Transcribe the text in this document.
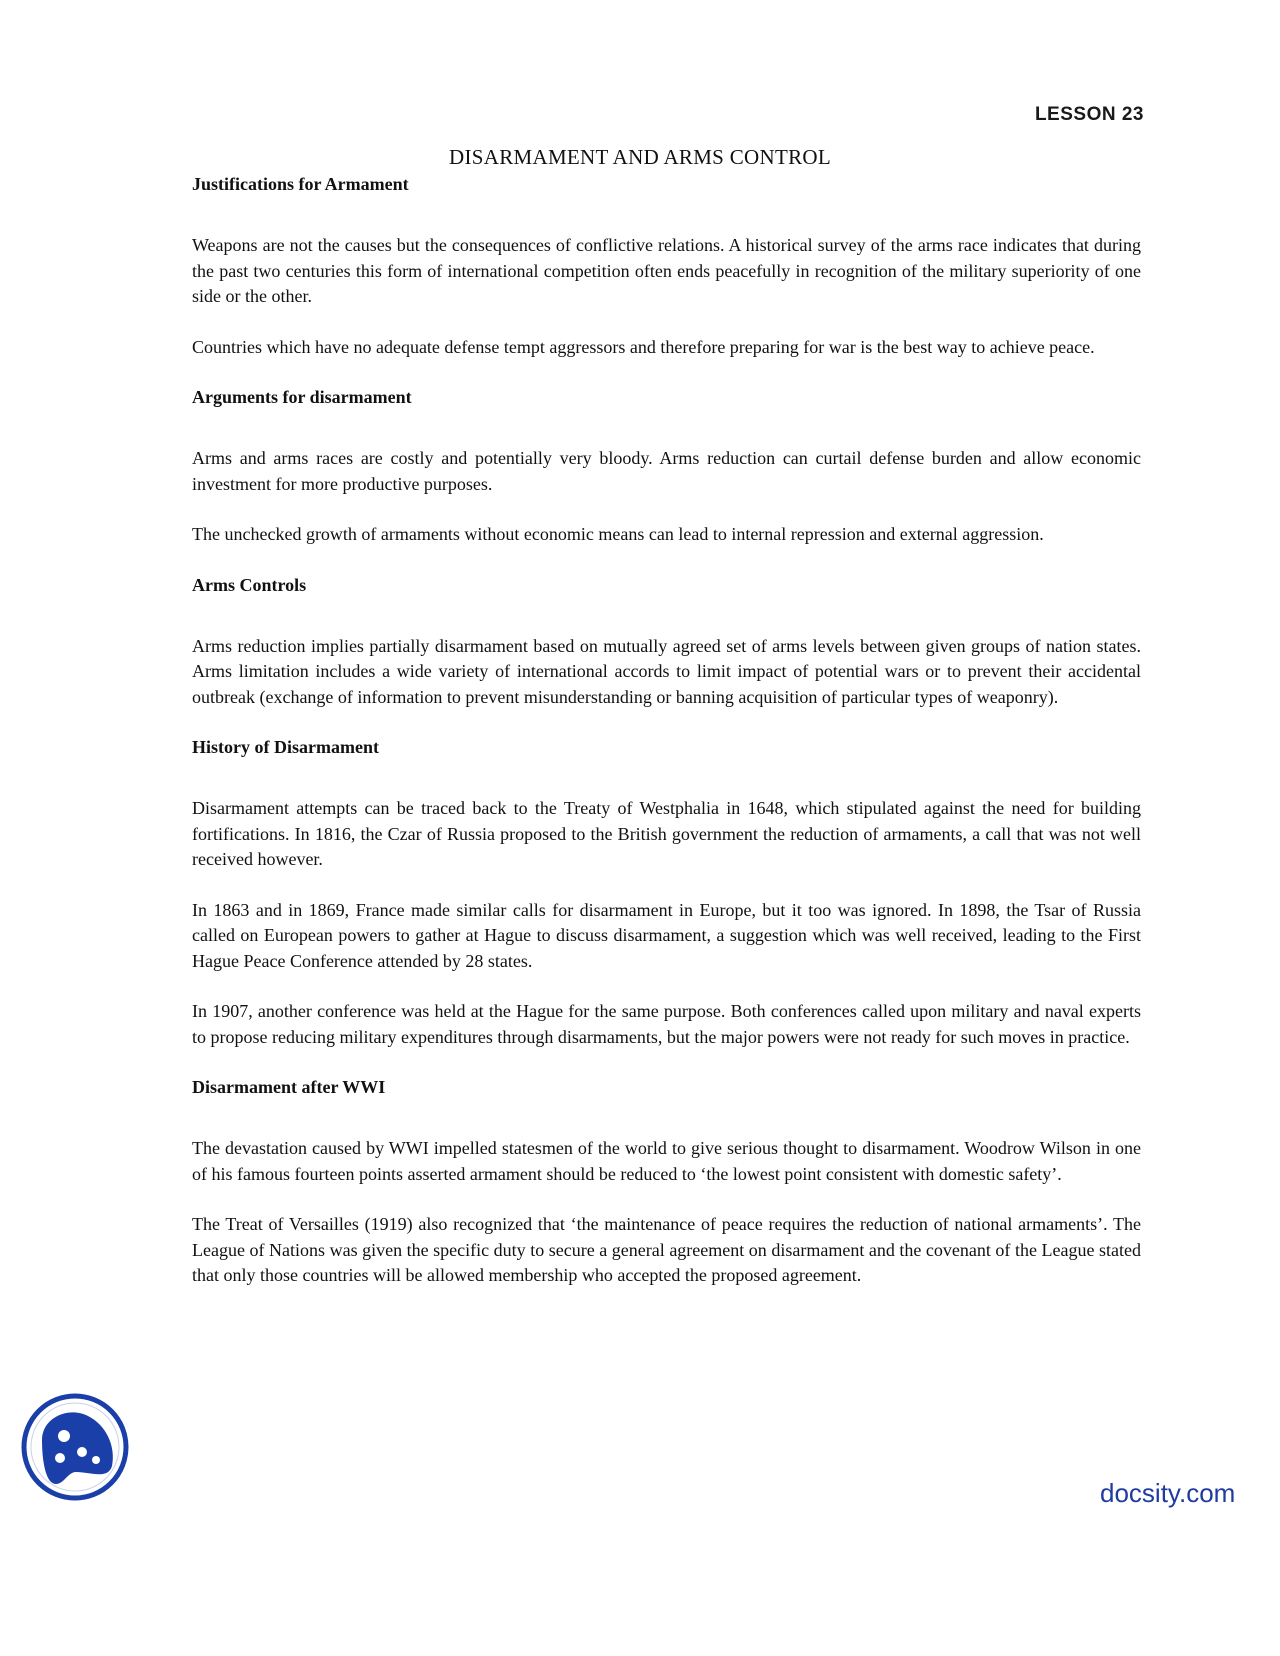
LESSON 23
DISARMAMENT AND ARMS CONTROL

Justifications for Armament

Weapons are not the causes but the consequences of conflictive relations. A historical survey of the arms race indicates that during the past two centuries this form of international competition often ends peacefully in recognition of the military superiority of one side or the other.

Countries which have no adequate defense tempt aggressors and therefore preparing for war is the best way to achieve peace.

Arguments for disarmament

Arms and arms races are costly and potentially very bloody. Arms reduction can curtail defense burden and allow economic investment for more productive purposes.

The unchecked growth of armaments without economic means can lead to internal repression and external aggression.

Arms Controls

Arms reduction implies partially disarmament based on mutually agreed set of arms levels between given groups of nation states. Arms limitation includes a wide variety of international accords to limit impact of potential wars or to prevent their accidental outbreak (exchange of information to prevent misunderstanding or banning acquisition of particular types of weaponry).

History of Disarmament

Disarmament attempts can be traced back to the Treaty of Westphalia in 1648, which stipulated against the need for building fortifications. In 1816, the Czar of Russia proposed to the British government the reduction of armaments, a call that was not well received however.

In 1863 and in 1869, France made similar calls for disarmament in Europe, but it too was ignored. In 1898, the Tsar of Russia called on European powers to gather at Hague to discuss disarmament, a suggestion which was well received, leading to the First Hague Peace Conference attended by 28 states.

In 1907, another conference was held at the Hague for the same purpose. Both conferences called upon military and naval experts to propose reducing military expenditures through disarmaments, but the major powers were not ready for such moves in practice.

Disarmament after WWI

The devastation caused by WWI impelled statesmen of the world to give serious thought to disarmament. Woodrow Wilson in one of his famous fourteen points asserted armament should be reduced to ‘the lowest point consistent with domestic safety’.

The Treat of Versailles (1919) also recognized that ‘the maintenance of peace requires the reduction of national armaments’. The League of Nations was given the specific duty to secure a general agreement on disarmament and the covenant of the League stated that only those countries will be allowed membership who accepted the proposed agreement.

docsity.com
